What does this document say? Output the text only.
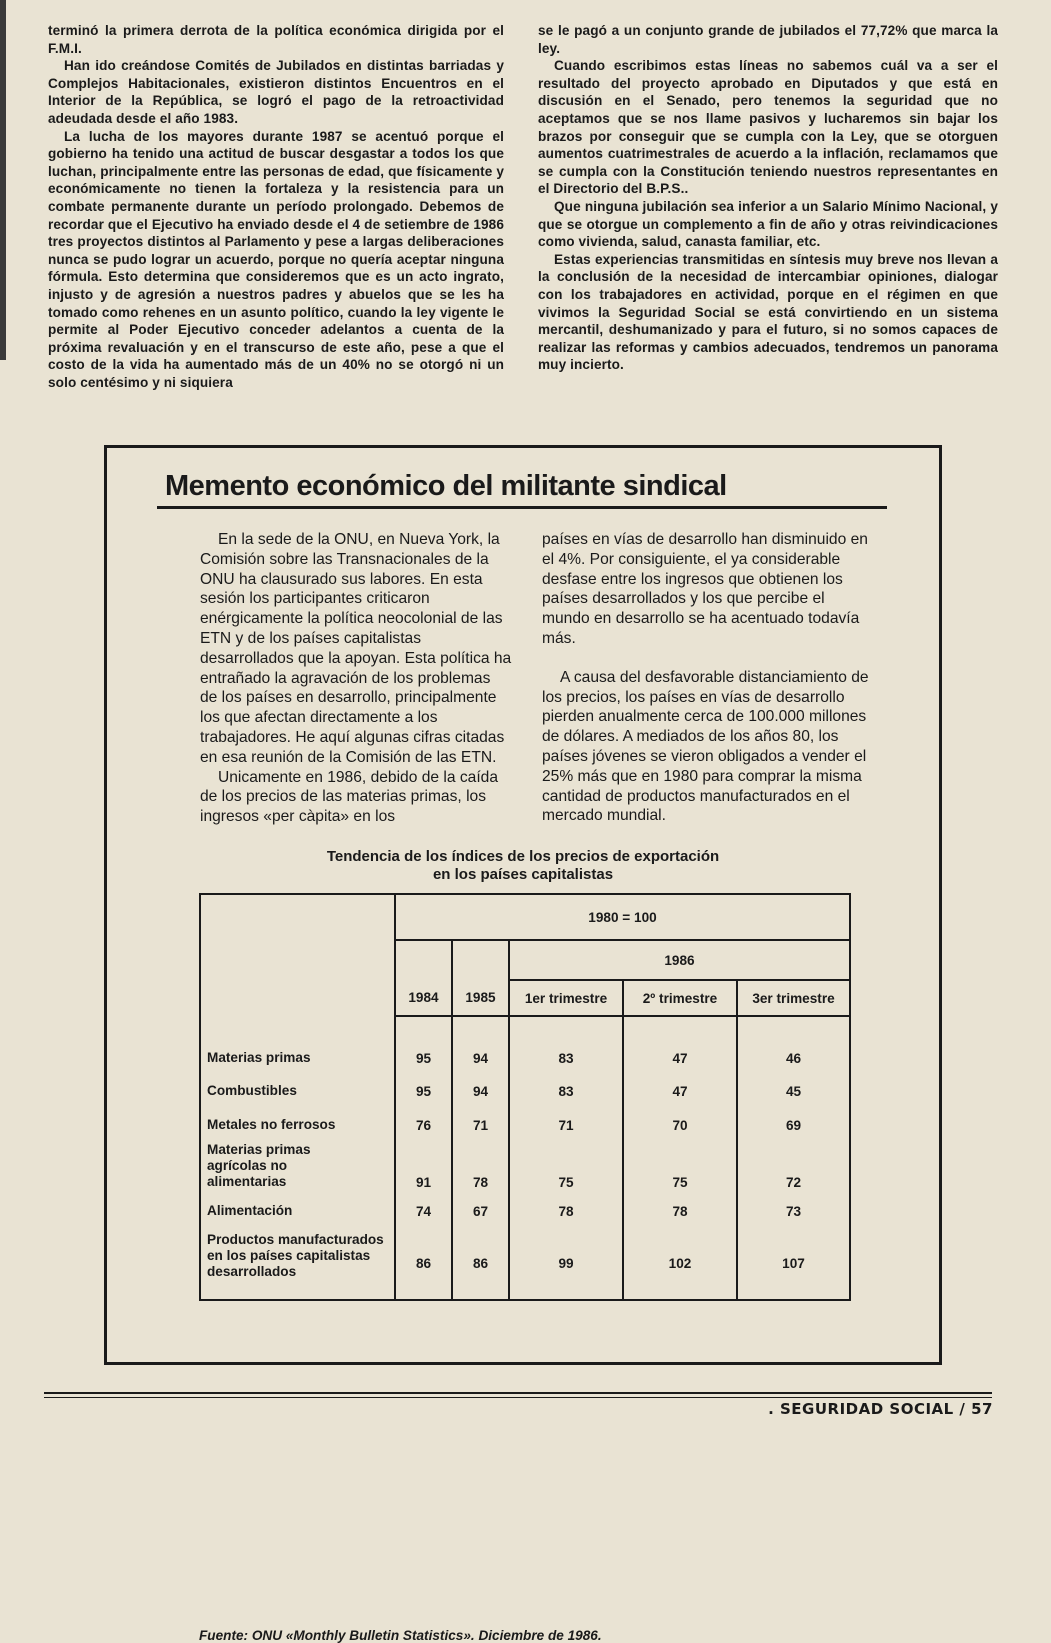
terminó la primera derrota de la política económica dirigida por el F.M.I.

Han ido creándose Comités de Jubilados en distintas barriadas y Complejos Habitacionales, existieron distintos Encuentros en el Interior de la República, se logró el pago de la retroactividad adeudada desde el año 1983.

La lucha de los mayores durante 1987 se acentuó porque el gobierno ha tenido una actitud de buscar desgastar a todos los que luchan, principalmente entre las personas de edad, que físicamente y económicamente no tienen la fortaleza y la resistencia para un combate permanente durante un período prolongado. Debemos de recordar que el Ejecutivo ha enviado desde el 4 de setiembre de 1986 tres proyectos distintos al Parlamento y pese a largas deliberaciones nunca se pudo lograr un acuerdo, porque no quería aceptar ninguna fórmula. Esto determina que consideremos que es un acto ingrato, injusto y de agresión a nuestros padres y abuelos que se les ha tomado como rehenes en un asunto político, cuando la ley vigente le permite al Poder Ejecutivo conceder adelantos a cuenta de la próxima revaluación y en el transcurso de este año, pese a que el costo de la vida ha aumentado más de un 40% no se otorgó ni un solo centésimo y ni siquiera

se le pagó a un conjunto grande de jubilados el 77,72% que marca la ley.

Cuando escribimos estas líneas no sabemos cuál va a ser el resultado del proyecto aprobado en Diputados y que está en discusión en el Senado, pero tenemos la seguridad que no aceptamos que se nos llame pasivos y lucharemos sin bajar los brazos por conseguir que se cumpla con la Ley, que se otorguen aumentos cuatrimestrales de acuerdo a la inflación, reclamamos que se cumpla con la Constitución teniendo nuestros representantes en el Directorio del B.P.S..

Que ninguna jubilación sea inferior a un Salario Mínimo Nacional, y que se otorgue un complemento a fin de año y otras reivindicaciones como vivienda, salud, canasta familiar, etc.

Estas experiencias transmitidas en síntesis muy breve nos llevan a la conclusión de la necesidad de intercambiar opiniones, dialogar con los trabajadores en actividad, porque en el régimen en que vivimos la Seguridad Social se está convirtiendo en un sistema mercantil, deshumanizado y para el futuro, si no somos capaces de realizar las reformas y cambios adecuados, tendremos un panorama muy incierto.

Memento económico del militante sindical

En la sede de la ONU, en Nueva York, la Comisión sobre las Transnacionales de la ONU ha clausurado sus labores. En esta sesión los participantes criticaron enérgicamente la política neocolonial de las ETN y de los países capitalistas desarrollados que la apoyan. Esta política ha entrañado la agravación de los problemas de los países en desarrollo, principalmente los que afectan directamente a los trabajadores. He aquí algunas cifras citadas en esa reunión de la Comisión de las ETN.

Unicamente en 1986, debido de la caída de los precios de las materias primas, los ingresos «per càpita» en los

países en vías de desarrollo han disminuido en el 4%. Por consiguiente, el ya considerable desfase entre los ingresos que obtienen los países desarrollados y los que percibe el mundo en desarrollo se ha acentuado todavía más.

A causa del desfavorable distanciamiento de los precios, los países en vías de desarrollo pierden anualmente cerca de 100.000 millones de dólares. A mediados de los años 80, los países jóvenes se vieron obligados a vender el 25% más que en 1980 para comprar la misma cantidad de productos manufacturados en el mercado mundial.

Tendencia de los índices de los precios de exportación
en los países capitalistas
	1980 = 100				
	1984	1985	1986		
			1er trimestre	2º trimestre	3er trimestre
Materias primas	95	94	83	47	46
Combustibles	95	94	83	47	45
Metales no ferrosos	76	71	71	70	69
Materias primas agrícolas no alimentarias	91	78	75	75	72
Alimentación	74	67	78	78	73
Productos manufacturados en los países capitalistas desarrollados	86	86	99	102	107
Fuente: ONU «Monthly Bulletin Statistics». Diciembre de 1986.
. SEGURIDAD SOCIAL / 57
